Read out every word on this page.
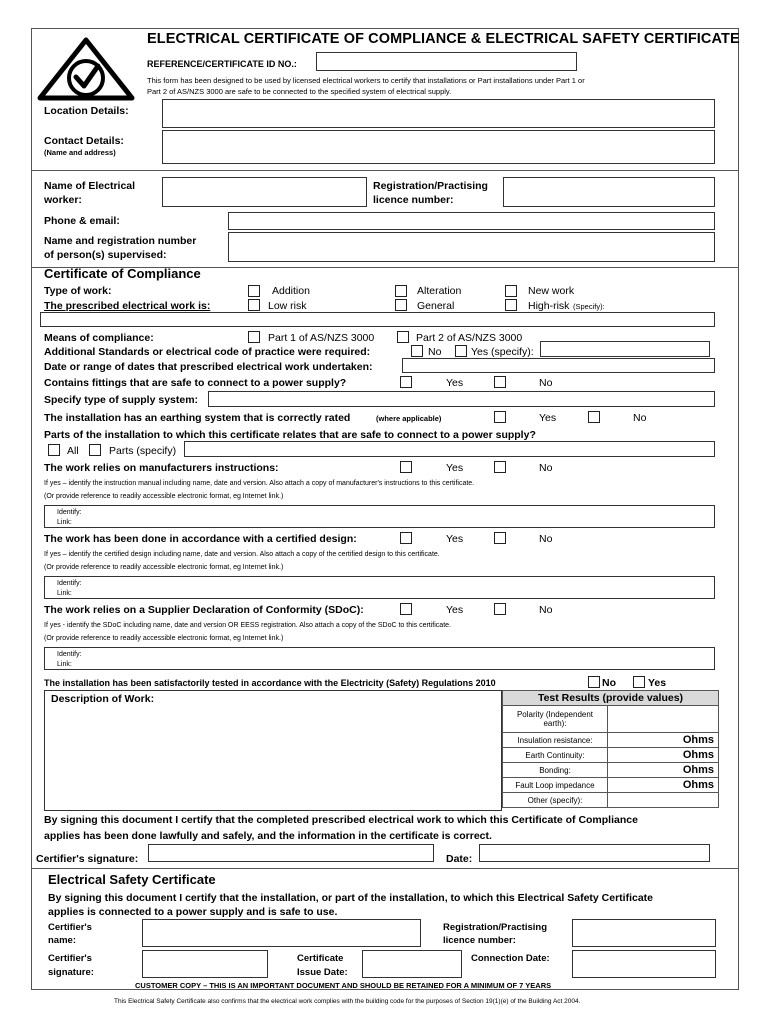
ELECTRICAL CERTIFICATE OF COMPLIANCE & ELECTRICAL SAFETY CERTIFICATE
REFERENCE/CERTIFICATE ID NO.:
This form has been designed to be used by licensed electrical workers to certify that installations or Part installations under Part 1 or
Part 2 of AS/NZS 3000 are safe to be connected to the specified system of electrical supply.
Location Details:
Contact Details:
(Name and address)
Name of Electrical
worker:
Registration/Practising
licence number:
Phone & email:
Name and registration number
of person(s) supervised:
Certificate of Compliance
Type of work:	Addition	Alteration	New work
The prescribed electrical work is:	Low risk	General	High-risk (Specify):
Means of compliance:	Part 1 of AS/NZS 3000	Part 2 of AS/NZS 3000
Additional Standards or electrical code of practice were required:	No	Yes (specify):
Date or range of dates that prescribed electrical work undertaken:
Contains fittings that are safe to connect to a power supply?	Yes	No
Specify type of supply system:
The installation has an earthing system that is correctly rated	(where applicable)	Yes	No
Parts of the installation to which this certificate relates that are safe to connect to a power supply?
All	Parts (specify)
The work relies on manufacturers instructions:	Yes	No
If yes – identify the instruction manual including name, date and version. Also attach a copy of manufacturer's instructions to this certificate.
(Or provide reference to readily accessible electronic format, eg Internet link.)
Identify:
Link:
The work has been done in accordance with a certified design:	Yes	No
If yes – identify the certified design including name, date and version. Also attach a copy of the certified design to this certificate.
(Or provide reference to readily accessible electronic format, eg Internet link.)
Identify:
Link:
The work relies on a Supplier Declaration of Conformity (SDoC):	Yes	No
If yes - identify the SDoC including name, date and version OR EESS registration. Also attach a copy of the SDoC to this certificate.
(Or provide reference to readily accessible electronic format, eg Internet link.)
Identify:
Link:
The installation has been satisfactorily tested in accordance with the Electricity (Safety) Regulations 2010	No	Yes
Description of Work:	Test Results (provide values)	
Polarity (Independent earth):	
Insulation resistance:	Ohms
Earth Continuity:	Ohms
Bonding:	Ohms
Fault Loop impedance	Ohms
Other (specify):	
By signing this document I certify that the completed prescribed electrical work to which this Certificate of Compliance
applies has been done lawfully and safely, and the information in the certificate is correct.
Certifier's signature:	Date:
Electrical Safety Certificate
By signing this document I certify that the installation, or part of the installation, to which this Electrical Safety Certificate
applies is connected to a power supply and is safe to use.
Certifier's
name:
Registration/Practising
licence number:
Certifier's
signature:
Certificate
Issue Date:
Connection Date:
CUSTOMER COPY – THIS IS AN IMPORTANT DOCUMENT AND SHOULD BE RETAINED FOR A MINIMUM OF 7 YEARS
This Electrical Safety Certificate also confirms that the electrical work complies with the building code for the purposes of Section 19(1)(e) of the Building Act 2004.
